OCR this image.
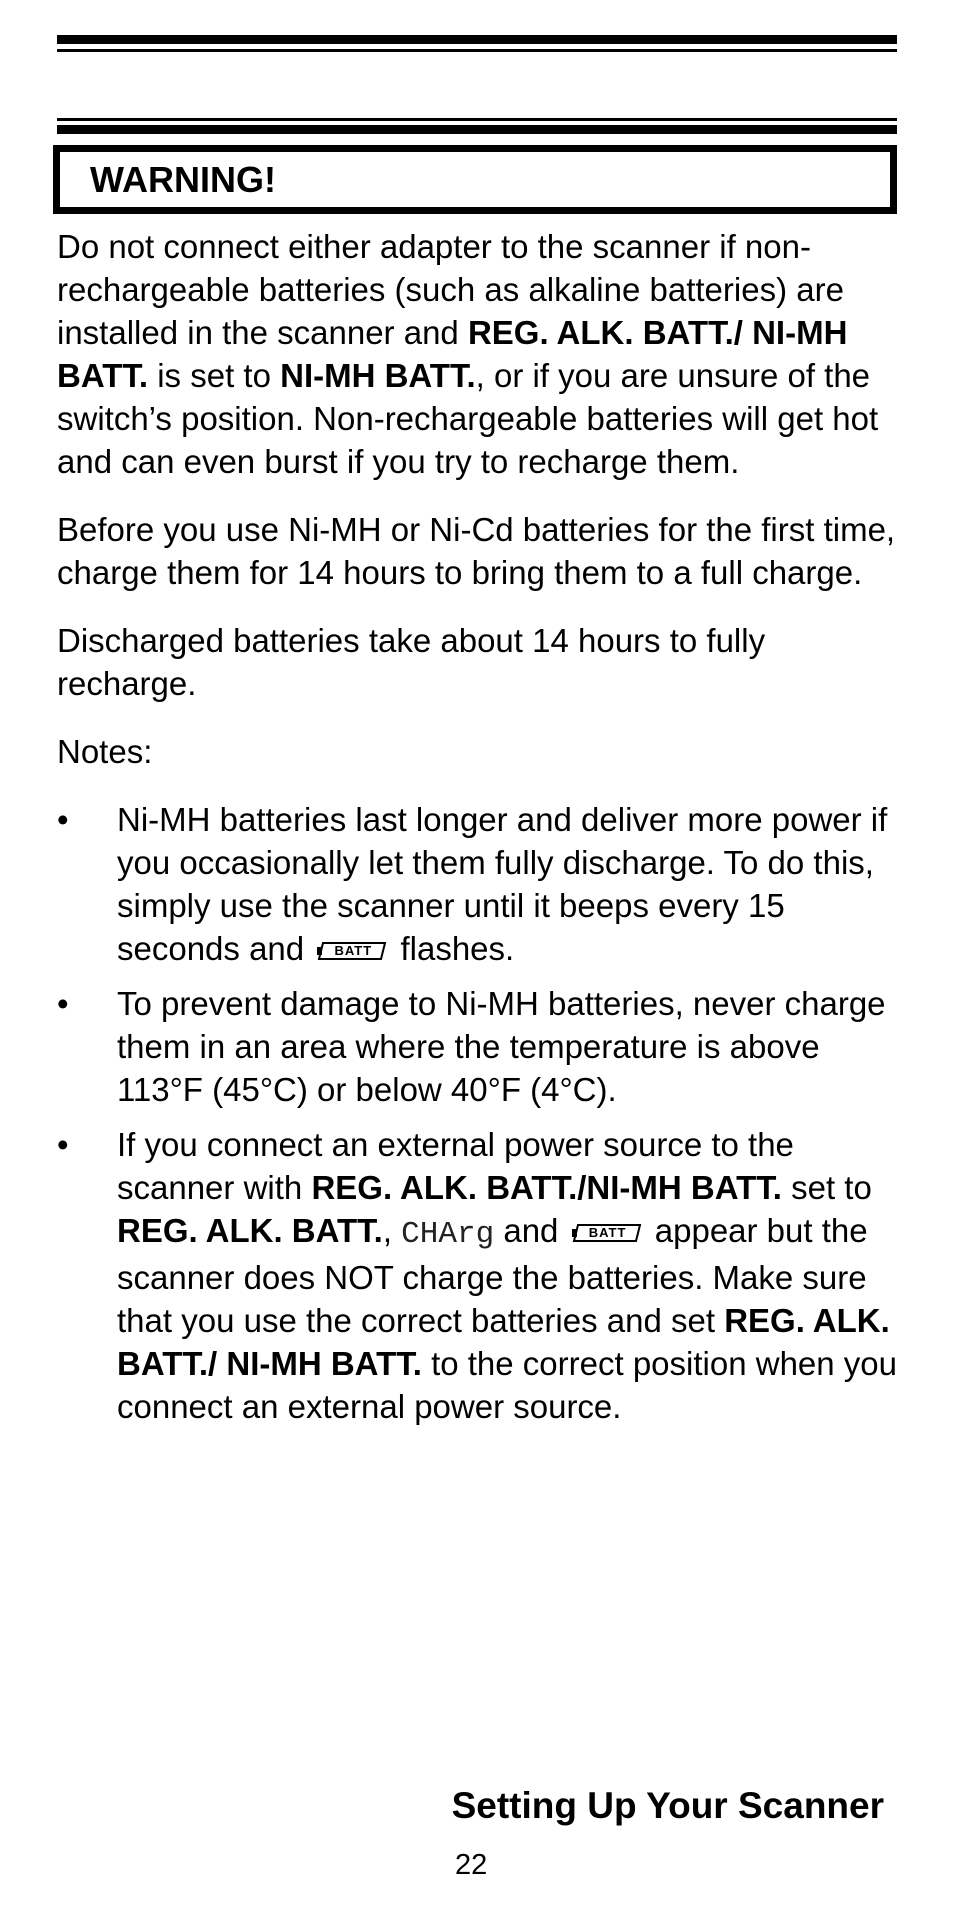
WARNING!

Do not connect either adapter to the scanner if non-rechargeable batteries (such as alkaline batteries) are installed in the scanner and REG. ALK. BATT./ NI-MH BATT. is set to NI-MH BATT., or if you are unsure of the switch’s position. Non-rechargeable batteries will get hot and can even burst if you try to recharge them.

Before you use Ni-MH or Ni-Cd batteries for the first time, charge them for 14 hours to bring them to a full charge.

Discharged batteries take about 14 hours to fully recharge.

Notes:

• Ni-MH batteries last longer and deliver more power if you occasionally let them fully discharge. To do this, simply use the scanner until it beeps every 15 seconds and	BATT flashes.
• To prevent damage to Ni-MH batteries, never charge them in an area where the temperature is above 113°F (45°C) or below 40°F (4°C).
• If you connect an external power source to the scanner with REG. ALK. BATT./NI-MH BATT. set to REG. ALK. BATT., CHArg and	BATT appear but the scanner does NOT charge the batteries. Make sure that you use the correct batteries and set REG. ALK. BATT./ NI-MH BATT. to the correct position when you connect an external power source.
Setting Up Your Scanner
22
